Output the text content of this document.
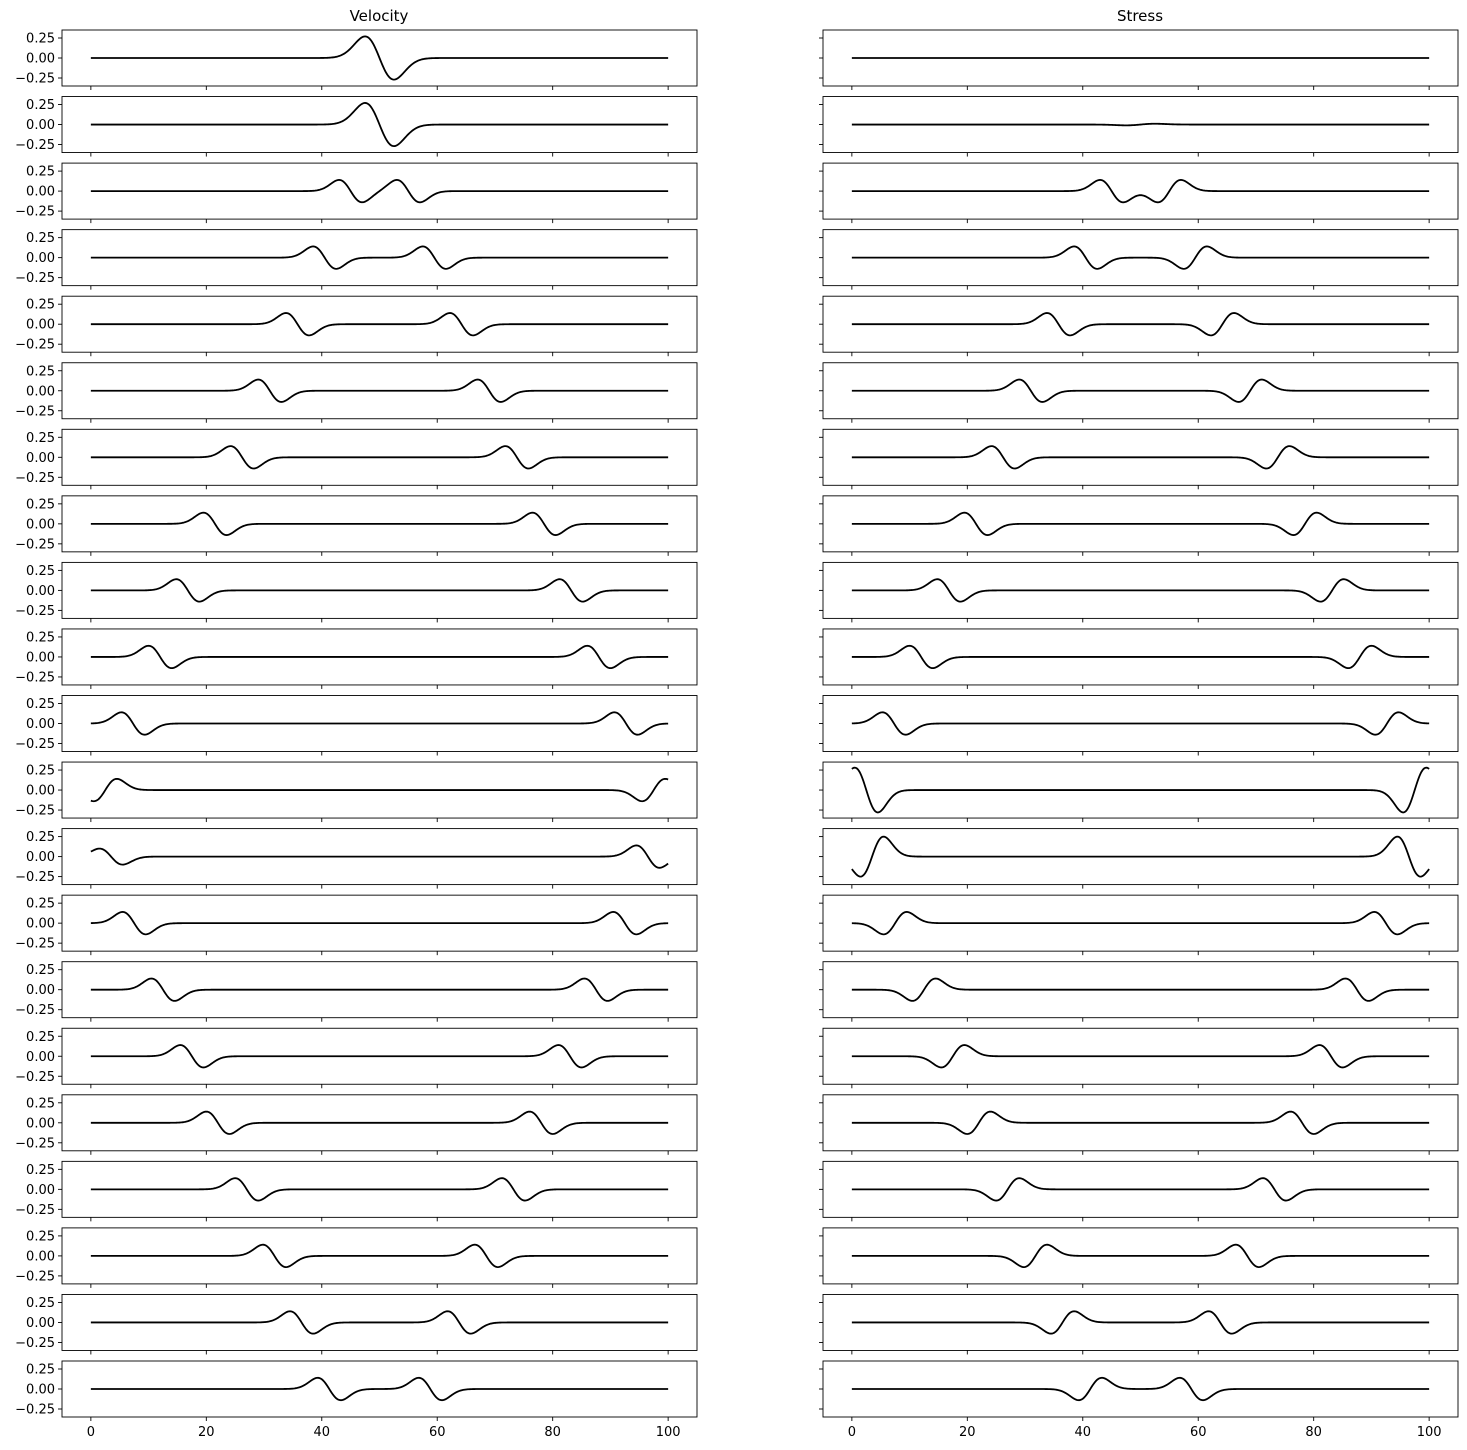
Velocity	Stress
0.25
0.00
−0.25
0.25
0.00
−0.25
0.25
0.00
−0.25
0.25
0.00
−0.25
0.25
0.00
−0.25
0.25
0.00
−0.25
0.25
0.00
−0.25
0.25
0.00
−0.25
0.25
0.00
−0.25
0.25
0.00
−0.25
0.25
0.00
−0.25
0.25
0.00
−0.25
0.25
0.00
−0.25
0.25
0.00
−0.25
0.25
0.00
−0.25
0.25
0.00
−0.25
0.25
0.00
−0.25
0.25
0.00
−0.25
0.25
0.00
−0.25
0.25
0.00
−0.25
0	20	40	60	80	100
0.25
0.00
−0.25
0	20	40	60	80	100
